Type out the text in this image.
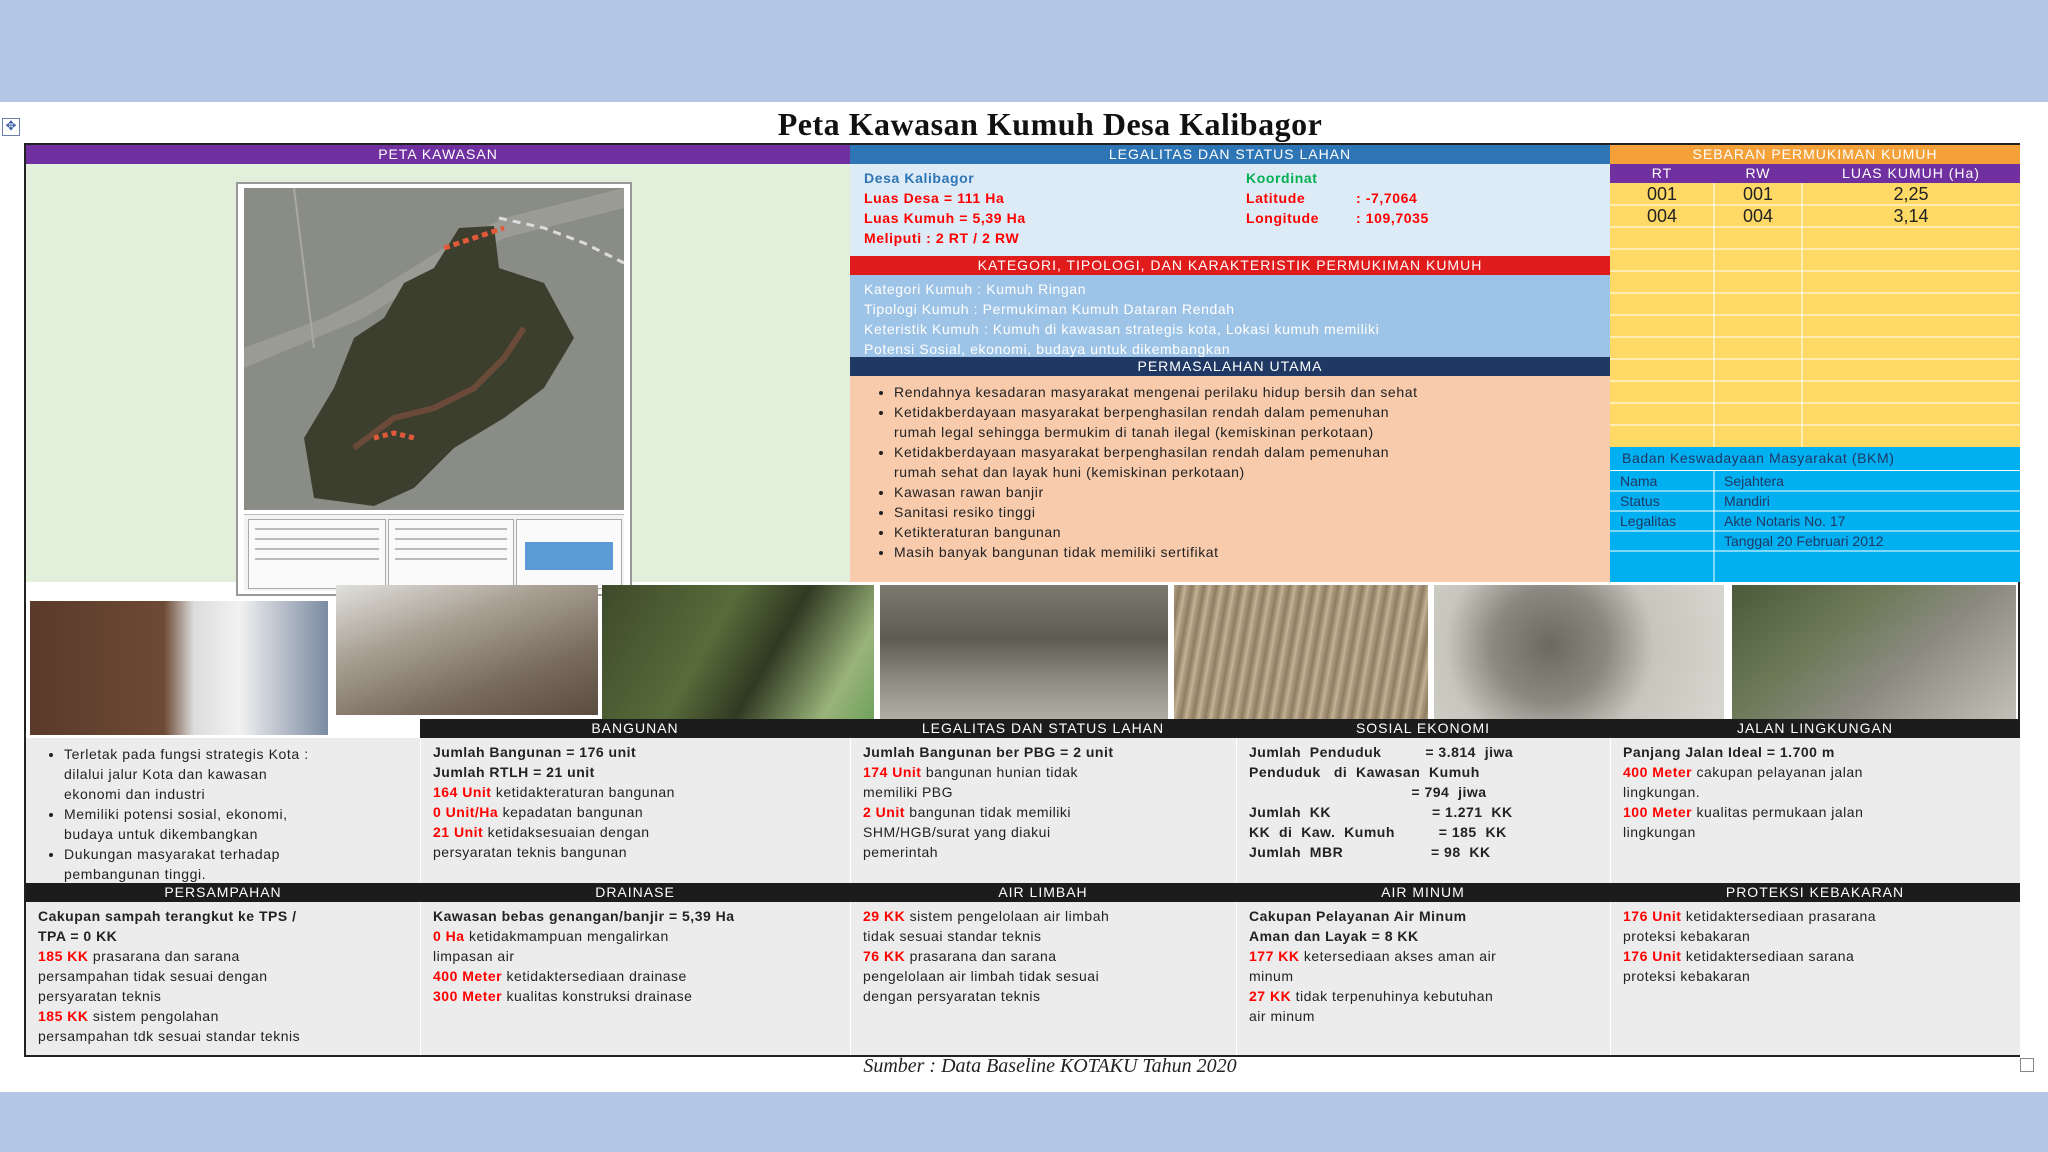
✥	Peta Kawasan Kumuh Desa Kalibagor
PETA KAWASAN	LEGALITAS DAN STATUS LAHAN
Desa Kalibagor
Luas Desa = 111 Ha
Luas Kumuh = 5,39 Ha
Meliputi : 2 RT / 2 RW
Koordinat
Latitude	: -7,7064
Longitude	: 109,7035
KATEGORI, TIPOLOGI, DAN KARAKTERISTIK PERMUKIMAN KUMUH
Kategori Kumuh : Kumuh Ringan
Tipologi Kumuh : Permukiman Kumuh Dataran Rendah
Keteristik Kumuh : Kumuh di kawasan strategis kota, Lokasi kumuh memiliki
Potensi Sosial, ekonomi, budaya untuk dikembangkan
PERMASALAHAN UTAMA
• Rendahnya kesadaran masyarakat mengenai perilaku hidup bersih dan sehat
• Ketidakberdayaan masyarakat berpenghasilan rendah dalam pemenuhan
rumah legal sehingga bermukim di tanah ilegal (kemiskinan perkotaan)
• Ketidakberdayaan masyarakat berpenghasilan rendah dalam pemenuhan
rumah sehat dan layak huni (kemiskinan perkotaan)
• Kawasan rawan banjir
• Sanitasi resiko tinggi
• Ketikteraturan bangunan
• Masih banyak bangunan tidak memiliki sertifikat
SEBARAN PERMUKIMAN KUMUH
RT	RW	LUAS KUMUH (Ha)
001	001	2,25
004	004	3,14
Badan Keswadayaan Masyarakat (BKM)
Nama	Sejahtera
Status	Mandiri
Legalitas	Akte Notaris No. 17
Tanggal 20 Februari 2012
BANGUNAN	LEGALITAS DAN STATUS LAHAN	SOSIAL EKONOMI	JALAN LINGKUNGAN
• Terletak pada fungsi strategis Kota :
dilalui jalur Kota dan kawasan
ekonomi dan industri
• Memiliki potensi sosial, ekonomi,
budaya untuk dikembangkan
• Dukungan masyarakat terhadap
pembangunan tinggi.
Jumlah Bangunan = 176 unit
Jumlah RTLH = 21 unit
164 Unit ketidakteraturan bangunan
0 Unit/Ha kepadatan bangunan
21 Unit ketidaksesuaian dengan
persyaratan teknis bangunan
Jumlah Bangunan ber PBG = 2 unit
174 Unit bangunan hunian tidak
memiliki PBG
2 Unit bangunan tidak memiliki
SHM/HGB/surat yang diakui
pemerintah
Jumlah  Penduduk          = 3.814  jiwa
Penduduk   di  Kawasan  Kumuh
= 794  jiwa
Jumlah  KK                       = 1.271  KK
KK  di  Kaw.  Kumuh          = 185  KK
Jumlah  MBR                    = 98  KK
Panjang Jalan Ideal = 1.700 m
400 Meter cakupan pelayanan jalan
lingkungan.
100 Meter kualitas permukaan jalan
lingkungan
PERSAMPAHAN	DRAINASE	AIR LIMBAH	AIR MINUM	PROTEKSI KEBAKARAN
Cakupan sampah terangkut ke TPS /
TPA = 0 KK
185 KK prasarana dan sarana
persampahan tidak sesuai dengan
persyaratan teknis
185 KK sistem pengolahan
persampahan tdk sesuai standar teknis
Kawasan bebas genangan/banjir = 5,39 Ha
0 Ha ketidakmampuan mengalirkan
limpasan air
400 Meter ketidaktersediaan drainase
300 Meter kualitas konstruksi drainase
29 KK sistem pengelolaan air limbah
tidak sesuai standar teknis
76 KK prasarana dan sarana
pengelolaan air limbah tidak sesuai
dengan persyaratan teknis
Cakupan Pelayanan Air Minum
Aman dan Layak = 8 KK
177 KK ketersediaan akses aman air
minum
27 KK tidak terpenuhinya kebutuhan
air minum
176 Unit ketidaktersediaan prasarana
proteksi kebakaran
176 Unit ketidaktersediaan sarana
proteksi kebakaran
Sumber : Data Baseline KOTAKU Tahun 2020
